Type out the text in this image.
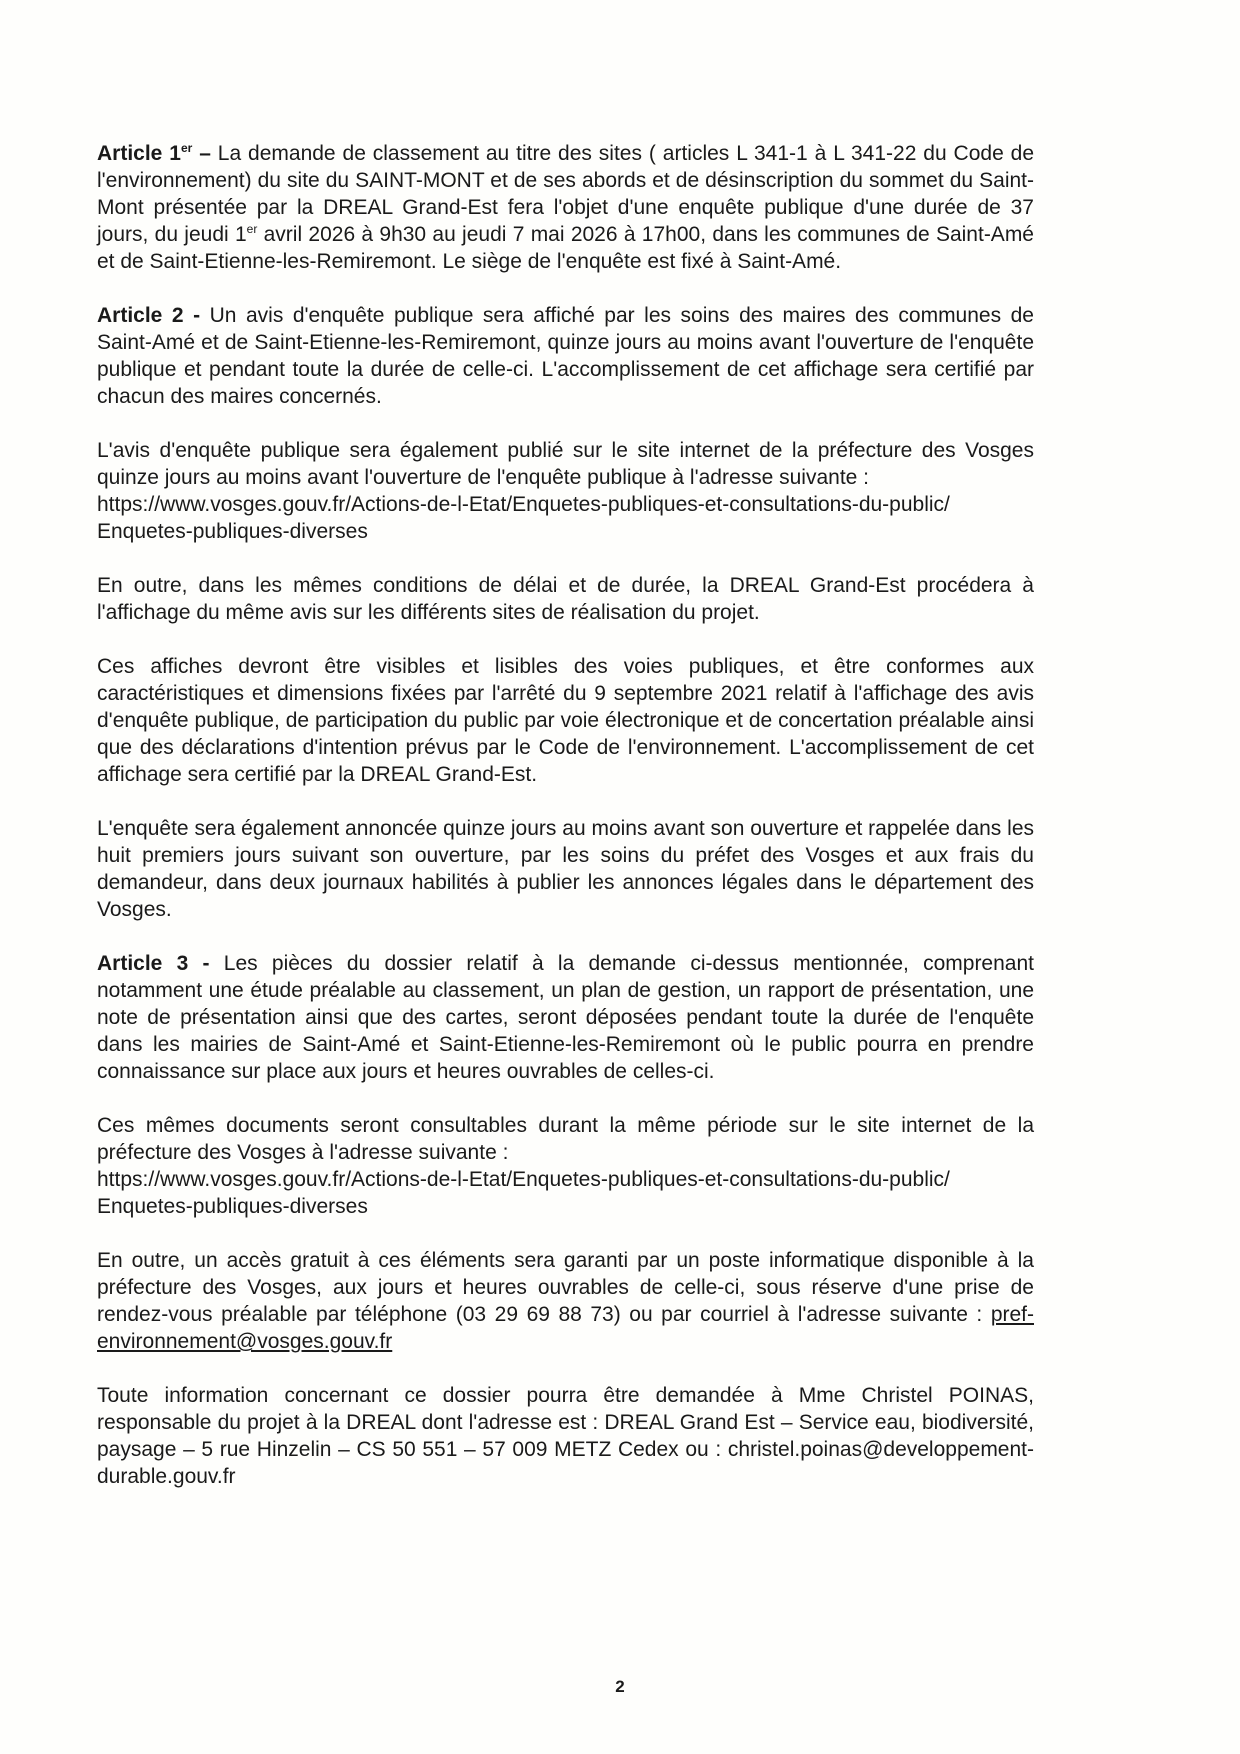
Article 1er – La demande de classement au titre des sites ( articles L 341-1 à L 341-22 du Code de l'environnement) du site du SAINT-MONT et de ses abords et de désinscription du sommet du Saint-Mont présentée par la DREAL Grand-Est fera l'objet d'une enquête publique d'une durée de 37 jours, du jeudi 1er avril 2026 à 9h30 au jeudi 7 mai 2026 à 17h00, dans les communes de Saint-Amé et de Saint-Etienne-les-Remiremont. Le siège de l'enquête est fixé à Saint-Amé.

Article 2 - Un avis d'enquête publique sera affiché par les soins des maires des communes de Saint-Amé et de Saint-Etienne-les-Remiremont, quinze jours au moins avant l'ouverture de l'enquête publique et pendant toute la durée de celle-ci. L'accomplissement de cet affichage sera certifié par chacun des maires concernés.

L'avis d'enquête publique sera également publié sur le site internet de la préfecture des Vosges quinze jours au moins avant l'ouverture de l'enquête publique à l'adresse suivante :
https://www.vosges.gouv.fr/Actions-de-l-Etat/Enquetes-publiques-et-consultations-du-public/
Enquetes-publiques-diverses

En outre, dans les mêmes conditions de délai et de durée, la DREAL Grand-Est procédera à l'affichage du même avis sur les différents sites de réalisation du projet.

Ces affiches devront être visibles et lisibles des voies publiques, et être conformes aux caractéristiques et dimensions fixées par l'arrêté du 9 septembre 2021 relatif à l'affichage des avis d'enquête publique, de participation du public par voie électronique et de concertation préalable ainsi que des déclarations d'intention prévus par le Code de l'environnement. L'accomplissement de cet affichage sera certifié par la DREAL Grand-Est.

L'enquête sera également annoncée quinze jours au moins avant son ouverture et rappelée dans les huit premiers jours suivant son ouverture, par les soins du préfet des Vosges et aux frais du demandeur, dans deux journaux habilités à publier les annonces légales dans le département des Vosges.

Article 3 - Les pièces du dossier relatif à la demande ci-dessus mentionnée, comprenant notamment une étude préalable au classement, un plan de gestion, un rapport de présentation, une note de présentation ainsi que des cartes, seront déposées pendant toute la durée de l'enquête dans les mairies de Saint-Amé et Saint-Etienne-les-Remiremont où le public pourra en prendre connaissance sur place aux jours et heures ouvrables de celles-ci.

Ces mêmes documents seront consultables durant la même période sur le site internet de la préfecture des Vosges à l'adresse suivante :
https://www.vosges.gouv.fr/Actions-de-l-Etat/Enquetes-publiques-et-consultations-du-public/
Enquetes-publiques-diverses

En outre, un accès gratuit à ces éléments sera garanti par un poste informatique disponible à la préfecture des Vosges, aux jours et heures ouvrables de celle-ci, sous réserve d'une prise de rendez-vous préalable par téléphone (03 29 69 88 73) ou par courriel à l'adresse suivante : pref-environnement@vosges.gouv.fr

Toute information concernant ce dossier pourra être demandée à Mme Christel POINAS, responsable du projet à la DREAL dont l'adresse est : DREAL Grand Est – Service eau, biodiversité, paysage – 5 rue Hinzelin – CS 50 551 – 57 009 METZ Cedex ou : christel.poinas@developpement-durable.gouv.fr

2
